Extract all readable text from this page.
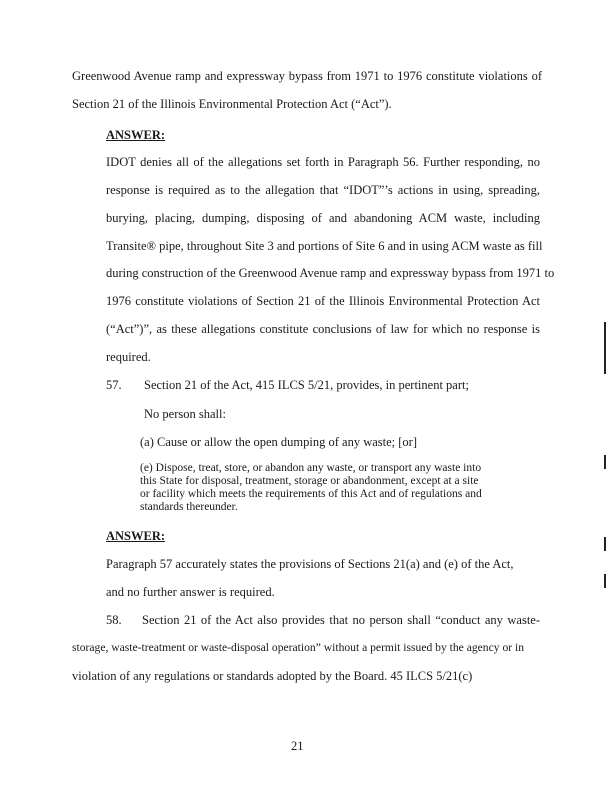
Greenwood Avenue ramp and expressway bypass from 1971 to 1976 constitute violations of
Section 21 of the Illinois Environmental Protection Act (“Act”).
ANSWER:
IDOT denies all of the allegations set forth in Paragraph 56. Further responding, no
response is required as to the allegation that “IDOT”’s actions in using, spreading,
burying, placing, dumping, disposing of and abandoning ACM waste, including
Transite® pipe, throughout Site 3 and portions of Site 6 and in using ACM waste as fill
during construction of the Greenwood Avenue ramp and expressway bypass from 1971 to
1976 constitute violations of Section 21 of the Illinois Environmental Protection Act
(“Act”)”, as these allegations constitute conclusions of law for which no response is
required.
57. Section 21 of the Act, 415 ILCS 5/21, provides, in pertinent part;
No person shall:
(a) Cause or allow the open dumping of any waste; [or]
(e) Dispose, treat, store, or abandon any waste, or transport any waste into
this State for disposal, treatment, storage or abandonment, except at a site
or facility which meets the requirements of this Act and of regulations and
standards thereunder.
ANSWER:
Paragraph 57 accurately states the provisions of Sections 21(a) and (e) of the Act,
and no further answer is required.
58. Section 21 of the Act also provides that no person shall “conduct any waste-
storage, waste-treatment or waste-disposal operation” without a permit issued by the agency or in
violation of any regulations or standards adopted by the Board. 45 ILCS 5/21(c)
21
